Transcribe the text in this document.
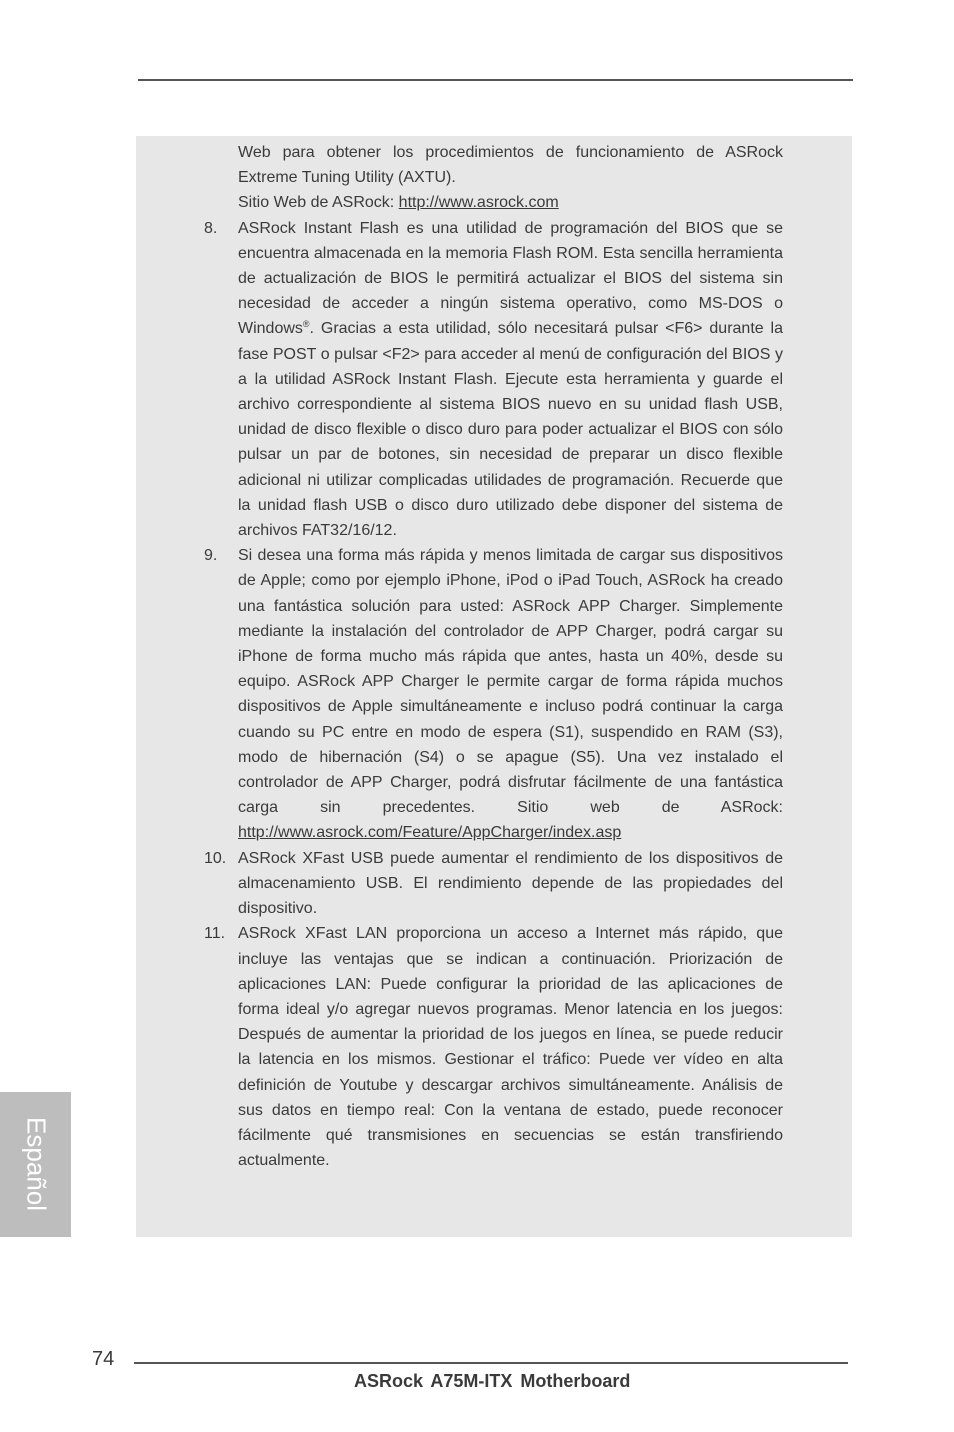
Web para obtener los procedimientos de funcionamiento de ASRock Extreme Tuning Utility (AXTU).

Sitio Web de ASRock: http://www.asrock.com

8. ASRock Instant Flash es una utilidad de programación del BIOS que se encuentra almacenada en la memoria Flash ROM. Esta sencilla herramienta de actualización de BIOS le permitirá actualizar el BIOS del sistema sin necesidad de acceder a ningún sistema operativo, como MS-DOS o Windows®. Gracias a esta utilidad, sólo necesitará pulsar <F6> durante la fase POST o pulsar <F2> para acceder al menú de configuración del BIOS y a la utilidad ASRock Instant Flash. Ejecute esta herramienta y guarde el archivo correspondiente al sistema BIOS nuevo en su unidad flash USB, unidad de disco flexible o disco duro para poder actualizar el BIOS con sólo pulsar un par de botones, sin necesidad de preparar un disco flexible adicional ni utilizar complicadas utilidades de programación. Recuerde que la unidad flash USB o disco duro utilizado debe disponer del sistema de archivos FAT32/16/12.

9. Si desea una forma más rápida y menos limitada de cargar sus dispositivos de Apple; como por ejemplo iPhone, iPod o iPad Touch, ASRock ha creado una fantástica solución para usted: ASRock APP Charger. Simplemente mediante la instalación del controlador de APP Charger, podrá cargar su iPhone de forma mucho más rápida que antes, hasta un 40%, desde su equipo. ASRock APP Charger le permite cargar de forma rápida muchos dispositivos de Apple simultáneamente e incluso podrá continuar la carga cuando su PC entre en modo de espera (S1), suspendido en RAM (S3), modo de hibernación (S4) o se apague (S5). Una vez instalado el controlador de APP Charger, podrá disfrutar fácilmente de una fantástica carga sin precedentes. Sitio web de ASRock: http://www.asrock.com/Feature/AppCharger/index.asp

10. ASRock XFast USB puede aumentar el rendimiento de los dispositivos de almacenamiento USB. El rendimiento depende de las propiedades del dispositivo.

11. ASRock XFast LAN proporciona un acceso a Internet más rápido, que incluye las ventajas que se indican a continuación. Priorización de aplicaciones LAN: Puede configurar la prioridad de las aplicaciones de forma ideal y/o agregar nuevos programas. Menor latencia en los juegos: Después de aumentar la prioridad de los juegos en línea, se puede reducir la latencia en los mismos. Gestionar el tráfico: Puede ver vídeo en alta definición de Youtube y descargar archivos simultáneamente. Análisis de sus datos en tiempo real: Con la ventana de estado, puede reconocer fácilmente qué transmisiones en secuencias se están transfiriendo actualmente.

Español
74
ASRock A75M-ITX Motherboard
